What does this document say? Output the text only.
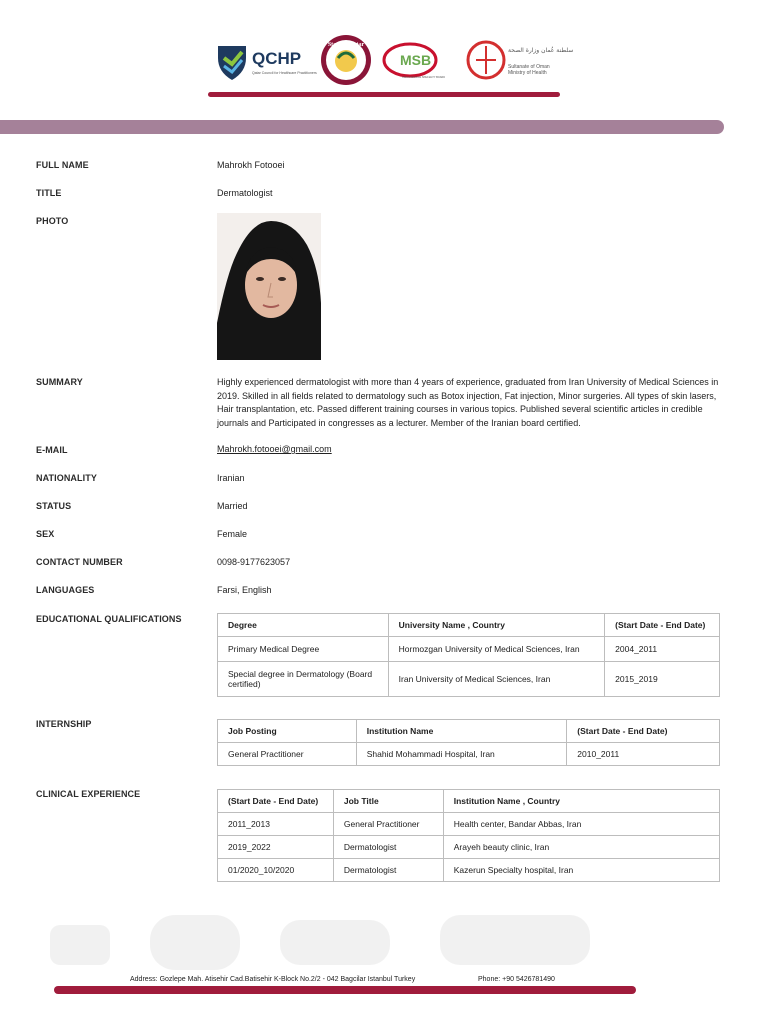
QCHP
Qatar Council for Healthcare Practitioners
State of Qatar
MSB
OMAN MEDICAL SPECIALTY BOARD
سلطنة عُمان وزارة الصحة
Sultanate of Oman
Ministry of Health
FULL NAME	Mahrokh Fotooei
TITLE	Dermatologist
PHOTO
SUMMARY	Highly experienced dermatologist with more than 4 years of experience, graduated from Iran University of Medical Sciences in 2019. Skilled in all fields related to dermatology such as Botox injection, Fat injection, Minor surgeries. All types of skin lasers, Hair transplantation, etc. Passed different training courses in various topics. Published several scientific articles in credible journals and Participated in congresses as a lecturer. Member of the Iranian board certified.
E-MAIL	Mahrokh.fotooei@gmail.com
NATIONALITY	Iranian
STATUS	Married
SEX	Female
CONTACT NUMBER	0098-9177623057
LANGUAGES	Farsi, English
EDUCATIONAL QUALIFICATIONS
Degree	University Name , Country	(Start Date - End Date)
Primary Medical Degree	Hormozgan University of Medical Sciences, Iran	2004_2011
Special degree in Dermatology (Board certified)	Iran University of Medical Sciences, Iran	2015_2019
INTERNSHIP
Job Posting	Institution Name	(Start Date - End Date)
General Practitioner	Shahid Mohammadi Hospital, Iran	2010_2011
CLINICAL EXPERIENCE
(Start Date - End Date)	Job Title	Institution Name , Country
2011_2013	General Practitioner	Health center, Bandar Abbas, Iran
2019_2022	Dermatologist	Arayeh beauty clinic, Iran
01/2020_10/2020	Dermatologist	Kazerun Specialty hospital, Iran
Address: Gozlepe Mah. Atisehir Cad.Batisehir K-Block No.2/2 - 042 Bagcilar Istanbul Turkey	Phone: +90 5426781490
